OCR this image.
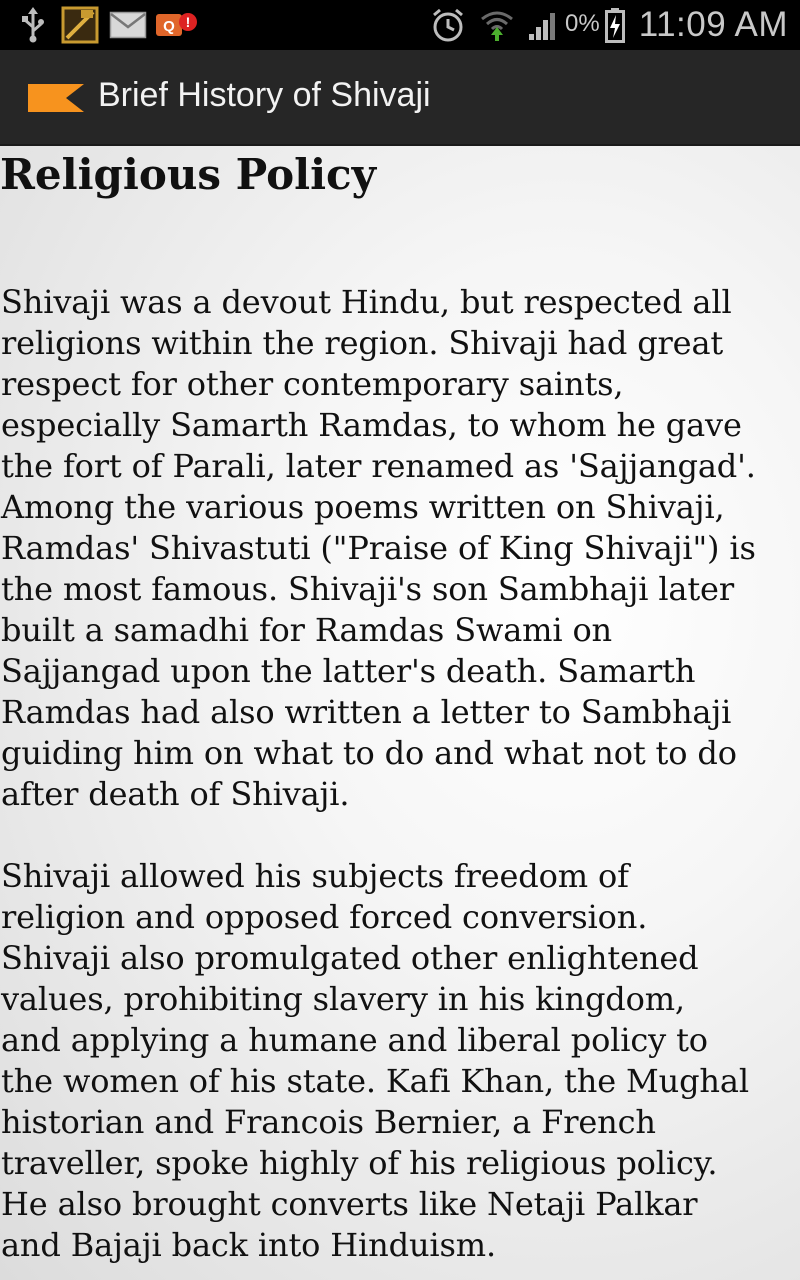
Q !	0% 11:09 AM
Brief History of Shivaji
Religious Policy

Shivaji was a devout Hindu, but respected all
religions within the region. Shivaji had great
respect for other contemporary saints,
especially Samarth Ramdas, to whom he gave
the fort of Parali, later renamed as 'Sajjangad'.
Among the various poems written on Shivaji,
Ramdas' Shivastuti ("Praise of King Shivaji") is
the most famous. Shivaji's son Sambhaji later
built a samadhi for Ramdas Swami on
Sajjangad upon the latter's death. Samarth
Ramdas had also written a letter to Sambhaji
guiding him on what to do and what not to do
after death of Shivaji.

Shivaji allowed his subjects freedom of
religion and opposed forced conversion.
Shivaji also promulgated other enlightened
values, prohibiting slavery in his kingdom,
and applying a humane and liberal policy to
the women of his state. Kafi Khan, the Mughal
historian and Francois Bernier, a French
traveller, spoke highly of his religious policy.
He also brought converts like Netaji Palkar
and Bajaji back into Hinduism.
